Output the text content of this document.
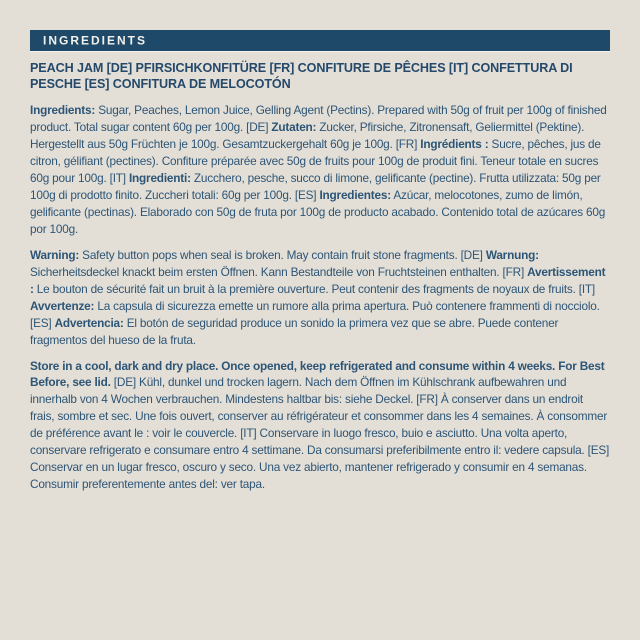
INGREDIENTS
PEACH JAM [DE] PFIRSICHKONFITÜRE [FR] CONFITURE DE PÊCHES [IT] CONFETTURA DI PESCHE [ES] CONFITURA DE MELOCOTÓN

Ingredients: Sugar, Peaches, Lemon Juice, Gelling Agent (Pectins). Prepared with 50g of fruit per 100g of finished product. Total sugar content 60g per 100g. [DE] Zutaten: Zucker, Pfirsiche, Zitronensaft, Geliermittel (Pektine). Hergestellt aus 50g Früchten je 100g. Gesamtzuckergehalt 60g je 100g. [FR] Ingrédients : Sucre, pêches, jus de citron, gélifiant (pectines). Confiture préparée avec 50g de fruits pour 100g de produit fini. Teneur totale en sucres 60g pour 100g. [IT] Ingredienti: Zucchero, pesche, succo di limone, gelificante (pectine). Frutta utilizzata: 50g per 100g di prodotto finito. Zuccheri totali: 60g per 100g. [ES] Ingredientes: Azúcar, melocotones, zumo de limón, gelificante (pectinas). Elaborado con 50g de fruta por 100g de producto acabado. Contenido total de azúcares 60g por 100g.

Warning: Safety button pops when seal is broken. May contain fruit stone fragments. [DE] Warnung: Sicherheitsdeckel knackt beim ersten Öffnen. Kann Bestandteile von Fruchtsteinen enthalten. [FR] Avertissement : Le bouton de sécurité fait un bruit à la première ouverture. Peut contenir des fragments de noyaux de fruits. [IT] Avvertenze: La capsula di sicurezza emette un rumore alla prima apertura. Può contenere frammenti di nocciolo. [ES] Advertencia: El botón de seguridad produce un sonido la primera vez que se abre. Puede contener fragmentos del hueso de la fruta.

Store in a cool, dark and dry place. Once opened, keep refrigerated and consume within 4 weeks. For Best Before, see lid. [DE] Kühl, dunkel und trocken lagern. Nach dem Öffnen im Kühlschrank aufbewahren und innerhalb von 4 Wochen verbrauchen. Mindestens haltbar bis: siehe Deckel. [FR] À conserver dans un endroit frais, sombre et sec. Une fois ouvert, conserver au réfrigérateur et consommer dans les 4 semaines. À consommer de préférence avant le : voir le couvercle. [IT] Conservare in luogo fresco, buio e asciutto. Una volta aperto, conservare refrigerato e consumare entro 4 settimane. Da consumarsi preferibilmente entro il: vedere capsula. [ES] Conservar en un lugar fresco, oscuro y seco. Una vez abierto, mantener refrigerado y consumir en 4 semanas. Consumir preferentemente antes del: ver tapa.
